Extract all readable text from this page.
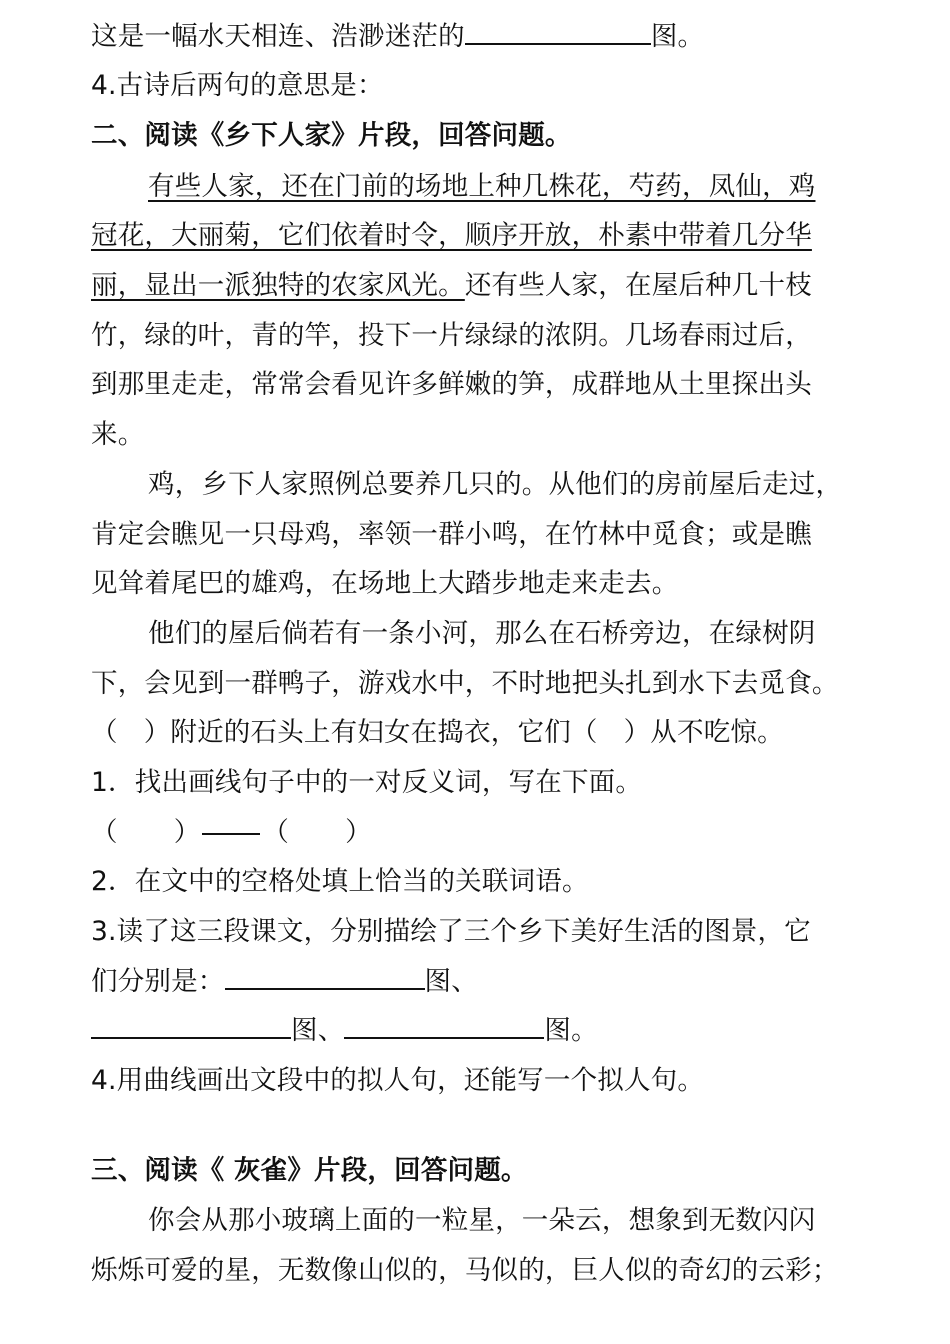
这是一幅水天相连、浩渺迷茫的	图。
4.古诗后两句的意思是：
二、阅读《乡下人家》片段，回答问题。
有些人家，还在门前的场地上种几株花，芍药，凤仙，鸡
冠花，大丽菊，它们依着时令，顺序开放，朴素中带着几分华
丽，显出一派独特的农家风光。还有些人家，在屋后种几十枝
竹，绿的叶，青的竿，投下一片绿绿的浓阴。几场春雨过后，
到那里走走，常常会看见许多鲜嫩的笋，成群地从土里探出头
来。
鸡，乡下人家照例总要养几只的。从他们的房前屋后走过，
肯定会瞧见一只母鸡，率领一群小鸣，在竹林中觅食；或是瞧
见耸着尾巴的雄鸡，在场地上大踏步地走来走去。
他们的屋后倘若有一条小河，那么在石桥旁边，在绿树阴
下，会见到一群鸭子，游戏水中，不时地把头扎到水下去觅食。
（ ）附近的石头上有妇女在捣衣，它们（ ）从不吃惊。
1．找出画线句子中的一对反义词，写在下面。
（ ） （ ）
2．在文中的空格处填上恰当的关联词语。
3.读了这三段课文，分别描绘了三个乡下美好生活的图景，它
们分别是：	图、
图、	图。
4.用曲线画出文段中的拟人句，还能写一个拟人句。
三、阅读《 灰雀》片段，回答问题。
你会从那小玻璃上面的一粒星，一朵云，想象到无数闪闪
烁烁可爱的星，无数像山似的，马似的，巨人似的奇幻的云彩；
